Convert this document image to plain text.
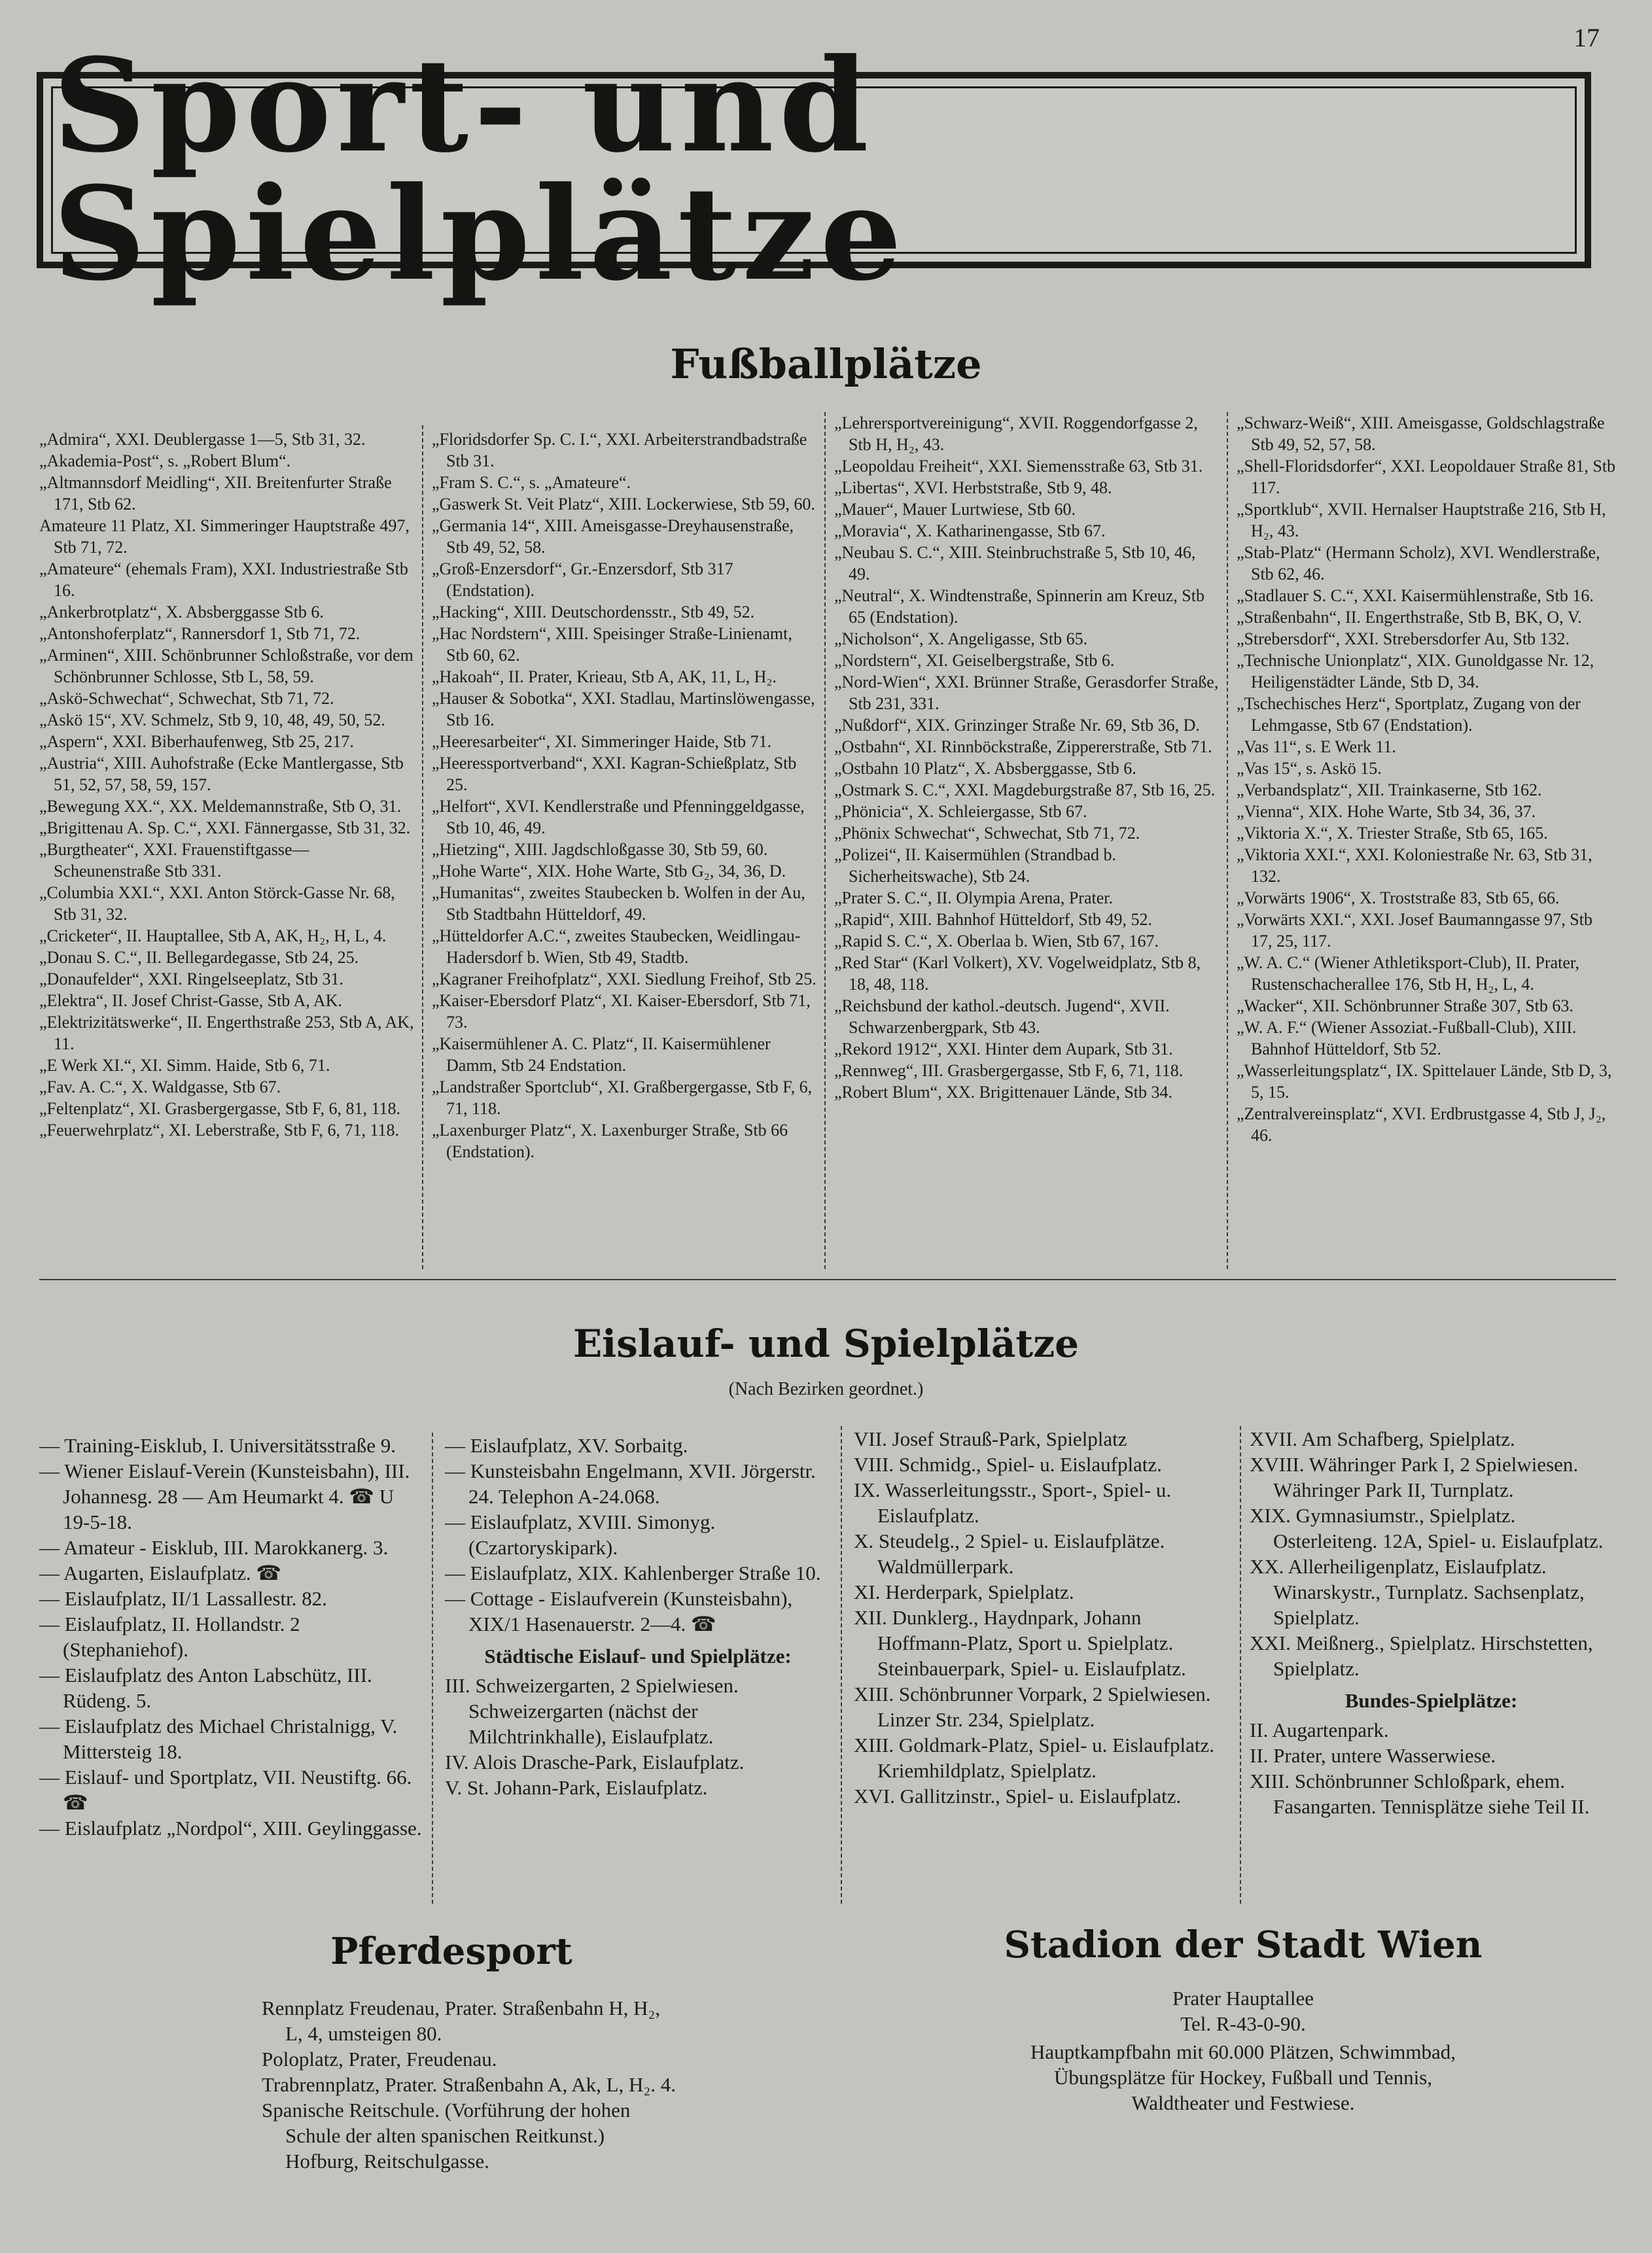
17
Sport- und Spielplätze
Fußballplätze
„Admira“, XXI. Deublergasse 1—5, Stb 31, 32.
„Akademia-Post“, s. „Robert Blum“.
„Altmannsdorf Meidling“, XII. Breitenfurter Straße 171, Stb 62.
Amateure 11 Platz, XI. Simmeringer Hauptstraße 497, Stb 71, 72.
„Amateure“ (ehemals Fram), XXI. Industriestraße Stb 16.
„Ankerbrotplatz“, X. Absberggasse Stb 6.
„Antonshoferplatz“, Rannersdorf 1, Stb 71, 72.
„Arminen“, XIII. Schönbrunner Schloßstraße, vor dem Schönbrunner Schlosse, Stb L, 58, 59.
„Askö-Schwechat“, Schwechat, Stb 71, 72.
„Askö 15“, XV. Schmelz, Stb 9, 10, 48, 49, 50, 52.
„Aspern“, XXI. Biberhaufenweg, Stb 25, 217.
„Austria“, XIII. Auhofstraße (Ecke Mantlergasse, Stb 51, 52, 57, 58, 59, 157.
„Bewegung XX.“, XX. Meldemannstraße, Stb O, 31.
„Brigittenau A. Sp. C.“, XXI. Fännergasse, Stb 31, 32.
„Burgtheater“, XXI. Frauenstiftgasse—Scheunenstraße Stb 331.
„Columbia XXI.“, XXI. Anton Störck-Gasse Nr. 68, Stb 31, 32.
„Cricketer“, II. Hauptallee, Stb A, AK, H₂, H, L, 4.
„Donau S. C.“, II. Bellegardegasse, Stb 24, 25.
„Donaufelder“, XXI. Ringelseeplatz, Stb 31.
„Elektra“, II. Josef Christ-Gasse, Stb A, AK.
„Elektrizitätswerke“, II. Engerthstraße 253, Stb A, AK, 11.
„E Werk XI.“, XI. Simm. Haide, Stb 6, 71.
„Fav. A. C.“, X. Waldgasse, Stb 67.
„Feltenplatz“, XI. Grasbergergasse, Stb F, 6, 81, 118.
„Feuerwehrplatz“, XI. Leberstraße, Stb F, 6, 71, 118.
„Floridsdorfer Sp. C. I.“, XXI. Arbeiterstrandbadstraße Stb 31.
„Fram S. C.“, s. „Amateure“.
„Gaswerk St. Veit Platz“, XIII. Lockerwiese, Stb 59, 60.
„Germania 14“, XIII. Ameisgasse-Dreyhausenstraße, Stb 49, 52, 58.
„Groß-Enzersdorf“, Gr.-Enzersdorf, Stb 317 (Endstation).
„Hacking“, XIII. Deutschordensstr., Stb 49, 52.
„Hac Nordstern“, XIII. Speisinger Straße-Linienamt, Stb 60, 62.
„Hakoah“, II. Prater, Krieau, Stb A, AK, 11, L, H₂.
„Hauser & Sobotka“, XXI. Stadlau, Martinslöwengasse, Stb 16.
„Heeresarbeiter“, XI. Simmeringer Haide, Stb 71.
„Heeressportverband“, XXI. Kagran-Schießplatz, Stb 25.
„Helfort“, XVI. Kendlerstraße und Pfenninggeldgasse, Stb 10, 46, 49.
„Hietzing“, XIII. Jagdschloßgasse 30, Stb 59, 60.
„Hohe Warte“, XIX. Hohe Warte, Stb G₂, 34, 36, D.
„Humanitas“, zweites Staubecken b. Wolfen in der Au, Stb Stadtbahn Hütteldorf, 49.
„Hütteldorfer A.C.“, zweites Staubecken, Weidlingau-Hadersdorf b. Wien, Stb 49, Stadtb.
„Kagraner Freihofplatz“, XXI. Siedlung Freihof, Stb 25.
„Kaiser-Ebersdorf Platz“, XI. Kaiser-Ebersdorf, Stb 71, 73.
„Kaisermühlener A. C. Platz“, II. Kaisermühlener Damm, Stb 24 Endstation.
„Landstraßer Sportclub“, XI. Graßbergergasse, Stb F, 6, 71, 118.
„Laxenburger Platz“, X. Laxenburger Straße, Stb 66 (Endstation).
„Lehrersportvereinigung“, XVII. Roggendorfgasse 2, Stb H, H₂, 43.
„Leopoldau Freiheit“, XXI. Siemensstraße 63, Stb 31.
„Libertas“, XVI. Herbststraße, Stb 9, 48.
„Mauer“, Mauer Lurtwiese, Stb 60.
„Moravia“, X. Katharinengasse, Stb 67.
„Neubau S. C.“, XIII. Steinbruchstraße 5, Stb 10, 46, 49.
„Neutral“, X. Windtenstraße, Spinnerin am Kreuz, Stb 65 (Endstation).
„Nicholson“, X. Angeligasse, Stb 65.
„Nordstern“, XI. Geiselbergstraße, Stb 6.
„Nord-Wien“, XXI. Brünner Straße, Gerasdorfer Straße, Stb 231, 331.
„Nußdorf“, XIX. Grinzinger Straße Nr. 69, Stb 36, D.
„Ostbahn“, XI. Rinnböckstraße, Zippererstraße, Stb 71.
„Ostbahn 10 Platz“, X. Absberggasse, Stb 6.
„Ostmark S. C.“, XXI. Magdeburgstraße 87, Stb 16, 25.
„Phönicia“, X. Schleiergasse, Stb 67.
„Phönix Schwechat“, Schwechat, Stb 71, 72.
„Polizei“, II. Kaisermühlen (Strandbad b. Sicherheitswache), Stb 24.
„Prater S. C.“, II. Olympia Arena, Prater.
„Rapid“, XIII. Bahnhof Hütteldorf, Stb 49, 52.
„Rapid S. C.“, X. Oberlaa b. Wien, Stb 67, 167.
„Red Star“ (Karl Volkert), XV. Vogelweidplatz, Stb 8, 18, 48, 118.
„Reichsbund der kathol.-deutsch. Jugend“, XVII. Schwarzenbergpark, Stb 43.
„Rekord 1912“, XXI. Hinter dem Aupark, Stb 31.
„Rennweg“, III. Grasbergergasse, Stb F, 6, 71, 118.
„Robert Blum“, XX. Brigittenauer Lände, Stb 34.
„Schwarz-Weiß“, XIII. Ameisgasse, Goldschlagstraße Stb 49, 52, 57, 58.
„Shell-Floridsdorfer“, XXI. Leopoldauer Straße 81, Stb 117.
„Sportklub“, XVII. Hernalser Hauptstraße 216, Stb H, H₂, 43.
„Stab-Platz“ (Hermann Scholz), XVI. Wendlerstraße, Stb 62, 46.
„Stadlauer S. C.“, XXI. Kaisermühlenstraße, Stb 16.
„Straßenbahn“, II. Engerthstraße, Stb B, BK, O, V.
„Strebersdorf“, XXI. Strebersdorfer Au, Stb 132.
„Technische Unionplatz“, XIX. Gunoldgasse Nr. 12, Heiligenstädter Lände, Stb D, 34.
„Tschechisches Herz“, Sportplatz, Zugang von der Lehmgasse, Stb 67 (Endstation).
„Vas 11“, s. E Werk 11.
„Vas 15“, s. Askö 15.
„Verbandsplatz“, XII. Trainkaserne, Stb 162.
„Vienna“, XIX. Hohe Warte, Stb 34, 36, 37.
„Viktoria X.“, X. Triester Straße, Stb 65, 165.
„Viktoria XXI.“, XXI. Koloniestraße Nr. 63, Stb 31, 132.
„Vorwärts 1906“, X. Troststraße 83, Stb 65, 66.
„Vorwärts XXI.“, XXI. Josef Baumanngasse 97, Stb 17, 25, 117.
„W. A. C.“ (Wiener Athletiksport-Club), II. Prater, Rustenschacherallee 176, Stb H, H₂, L, 4.
„Wacker“, XII. Schönbrunner Straße 307, Stb 63.
„W. A. F.“ (Wiener Assoziat.-Fußball-Club), XIII. Bahnhof Hütteldorf, Stb 52.
„Wasserleitungsplatz“, IX. Spittelauer Lände, Stb D, 3, 5, 15.
„Zentralvereinsplatz“, XVI. Erdbrustgasse 4, Stb J, J₂, 46.
Eislauf- und Spielplätze
(Nach Bezirken geordnet.)
— Training-Eisklub, I. Universitätsstraße 9.
— Wiener Eislauf-Verein (Kunsteisbahn), III. Johannesg. 28 — Am Heumarkt 4. ☎ U 19-5-18.
— Amateur - Eisklub, III. Marokkanerg. 3.
— Augarten, Eislaufplatz. ☎
— Eislaufplatz, II/1 Lassallestr. 82.
— Eislaufplatz, II. Hollandstr. 2 (Stephaniehof).
— Eislaufplatz des Anton Labschütz, III. Rüdeng. 5.
— Eislaufplatz des Michael Christalnigg, V. Mittersteig 18.
— Eislauf- und Sportplatz, VII. Neustiftg. 66. ☎
— Eislaufplatz „Nordpol“, XIII. Geylinggasse.
— Eislaufplatz, XV. Sorbaitg.
— Kunsteisbahn Engelmann, XVII. Jörgerstr. 24. Telephon A-24.068.
— Eislaufplatz, XVIII. Simonyg. (Czartoryskipark).
— Eislaufplatz, XIX. Kahlenberger Straße 10.
— Cottage - Eislaufverein (Kunsteisbahn), XIX/1 Hasenauerstr. 2—4. ☎
Städtische Eislauf- und Spielplätze:
III. Schweizergarten, 2 Spielwiesen. Schweizergarten (nächst der Milchtrinkhalle), Eislaufplatz.
IV. Alois Drasche-Park, Eislaufplatz.
V. St. Johann-Park, Eislaufplatz.
VII. Josef Strauß-Park, Spielplatz
VIII. Schmidg., Spiel- u. Eislaufplatz.
IX. Wasserleitungsstr., Sport-, Spiel- u. Eislaufplatz.
X. Steudelg., 2 Spiel- u. Eislaufplätze. Waldmüllerpark.
XI. Herderpark, Spielplatz.
XII. Dunklerg., Haydnpark, Johann Hoffmann-Platz, Sport u. Spielplatz. Steinbauerpark, Spiel- u. Eislaufplatz.
XIII. Schönbrunner Vorpark, 2 Spielwiesen. Linzer Str. 234, Spielplatz.
XIII. Goldmark-Platz, Spiel- u. Eislaufplatz. Kriemhildplatz, Spielplatz.
XVI. Gallitzinstr., Spiel- u. Eislaufplatz.
XVII. Am Schafberg, Spielplatz.
XVIII. Währinger Park I, 2 Spielwiesen. Währinger Park II, Turnplatz.
XIX. Gymnasiumstr., Spielplatz. Osterleiteng. 12A, Spiel- u. Eislaufplatz.
XX. Allerheiligenplatz, Eislaufplatz. Winarskystr., Turnplatz. Sachsenplatz, Spielplatz.
XXI. Meißnerg., Spielplatz. Hirschstetten, Spielplatz.
Bundes-Spielplätze:
II. Augartenpark.
II. Prater, untere Wasserwiese.
XIII. Schönbrunner Schloßpark, ehem. Fasangarten. Tennisplätze siehe Teil II.
Pferdesport
Rennplatz Freudenau, Prater. Straßenbahn H, H₂, L, 4, umsteigen 80.
Poloplatz, Prater, Freudenau.
Trabrennplatz, Prater. Straßenbahn A, Ak, L, H₂. 4.
Spanische Reitschule. (Vorführung der hohen Schule der alten spanischen Reitkunst.) Hofburg, Reitschulgasse.
Stadion der Stadt Wien
Prater Hauptallee
Tel. R-43-0-90.
Hauptkampfbahn mit 60.000 Plätzen, Schwimmbad, Übungsplätze für Hockey, Fußball und Tennis, Waldtheater und Festwiese.
